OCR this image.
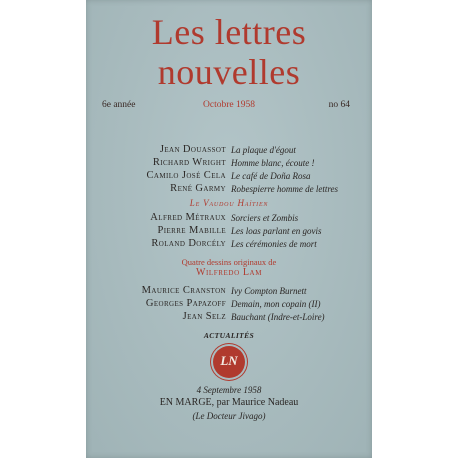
Les lettres
nouvelles
6e année	Octobre 1958	no 64
Jean Douassot La plaque d'égout
Richard Wright Homme blanc, écoute !
Camilo José Cela Le café de Doña Rosa
René Garmy Robespierre homme de lettres
Le Vaudou Haïtien
Alfred Métraux Sorciers et Zombis
Pierre Mabille Les loas parlant en govis
Roland Dorcély Les cérémonies de mort
Quatre dessins originaux de
Wilfredo Lam
Maurice Cranston Ivy Compton Burnett
Georges Papazoff Demain, mon copain (II)
Jean Selz Bauchant (Indre-et-Loire)
ACTUALITÉS
LN
4 Septembre 1958
EN MARGE, par Maurice Nadeau
(Le Docteur Jivago)
